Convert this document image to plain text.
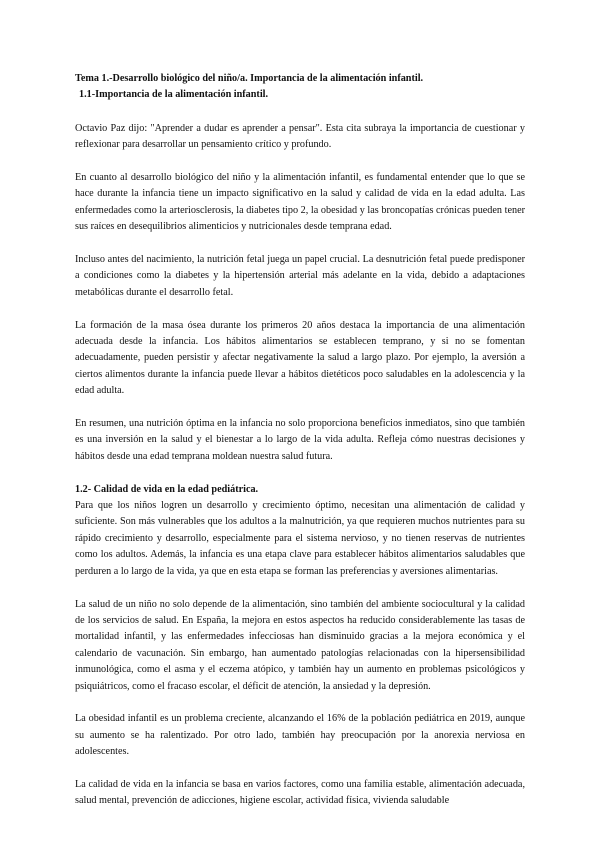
Tema 1.-Desarrollo biológico del niño/a. Importancia de la alimentación infantil.
1.1-Importancia de la alimentación infantil.

Octavio Paz dijo: "Aprender a dudar es aprender a pensar". Esta cita subraya la importancia de cuestionar y reflexionar para desarrollar un pensamiento crítico y profundo.

En cuanto al desarrollo biológico del niño y la alimentación infantil, es fundamental entender que lo que se hace durante la infancia tiene un impacto significativo en la salud y calidad de vida en la edad adulta. Las enfermedades como la arteriosclerosis, la diabetes tipo 2, la obesidad y las broncopatías crónicas pueden tener sus raíces en desequilibrios alimenticios y nutricionales desde temprana edad.

Incluso antes del nacimiento, la nutrición fetal juega un papel crucial. La desnutrición fetal puede predisponer a condiciones como la diabetes y la hipertensión arterial más adelante en la vida, debido a adaptaciones metabólicas durante el desarrollo fetal.

La formación de la masa ósea durante los primeros 20 años destaca la importancia de una alimentación adecuada desde la infancia. Los hábitos alimentarios se establecen temprano, y si no se fomentan adecuadamente, pueden persistir y afectar negativamente la salud a largo plazo. Por ejemplo, la aversión a ciertos alimentos durante la infancia puede llevar a hábitos dietéticos poco saludables en la adolescencia y la edad adulta.

En resumen, una nutrición óptima en la infancia no solo proporciona beneficios inmediatos, sino que también es una inversión en la salud y el bienestar a lo largo de la vida adulta. Refleja cómo nuestras decisiones y hábitos desde una edad temprana moldean nuestra salud futura.

1.2- Calidad de vida en la edad pediátrica.

Para que los niños logren un desarrollo y crecimiento óptimo, necesitan una alimentación de calidad y suficiente. Son más vulnerables que los adultos a la malnutrición, ya que requieren muchos nutrientes para su rápido crecimiento y desarrollo, especialmente para el sistema nervioso, y no tienen reservas de nutrientes como los adultos. Además, la infancia es una etapa clave para establecer hábitos alimentarios saludables que perduren a lo largo de la vida, ya que en esta etapa se forman las preferencias y aversiones alimentarias.

La salud de un niño no solo depende de la alimentación, sino también del ambiente sociocultural y la calidad de los servicios de salud. En España, la mejora en estos aspectos ha reducido considerablemente las tasas de mortalidad infantil, y las enfermedades infecciosas han disminuido gracias a la mejora económica y el calendario de vacunación. Sin embargo, han aumentado patologías relacionadas con la hipersensibilidad inmunológica, como el asma y el eczema atópico, y también hay un aumento en problemas psicológicos y psiquiátricos, como el fracaso escolar, el déficit de atención, la ansiedad y la depresión.

La obesidad infantil es un problema creciente, alcanzando el 16% de la población pediátrica en 2019, aunque su aumento se ha ralentizado. Por otro lado, también hay preocupación por la anorexia nerviosa en adolescentes.

La calidad de vida en la infancia se basa en varios factores, como una familia estable, alimentación adecuada, salud mental, prevención de adicciones, higiene escolar, actividad física, vivienda saludable
